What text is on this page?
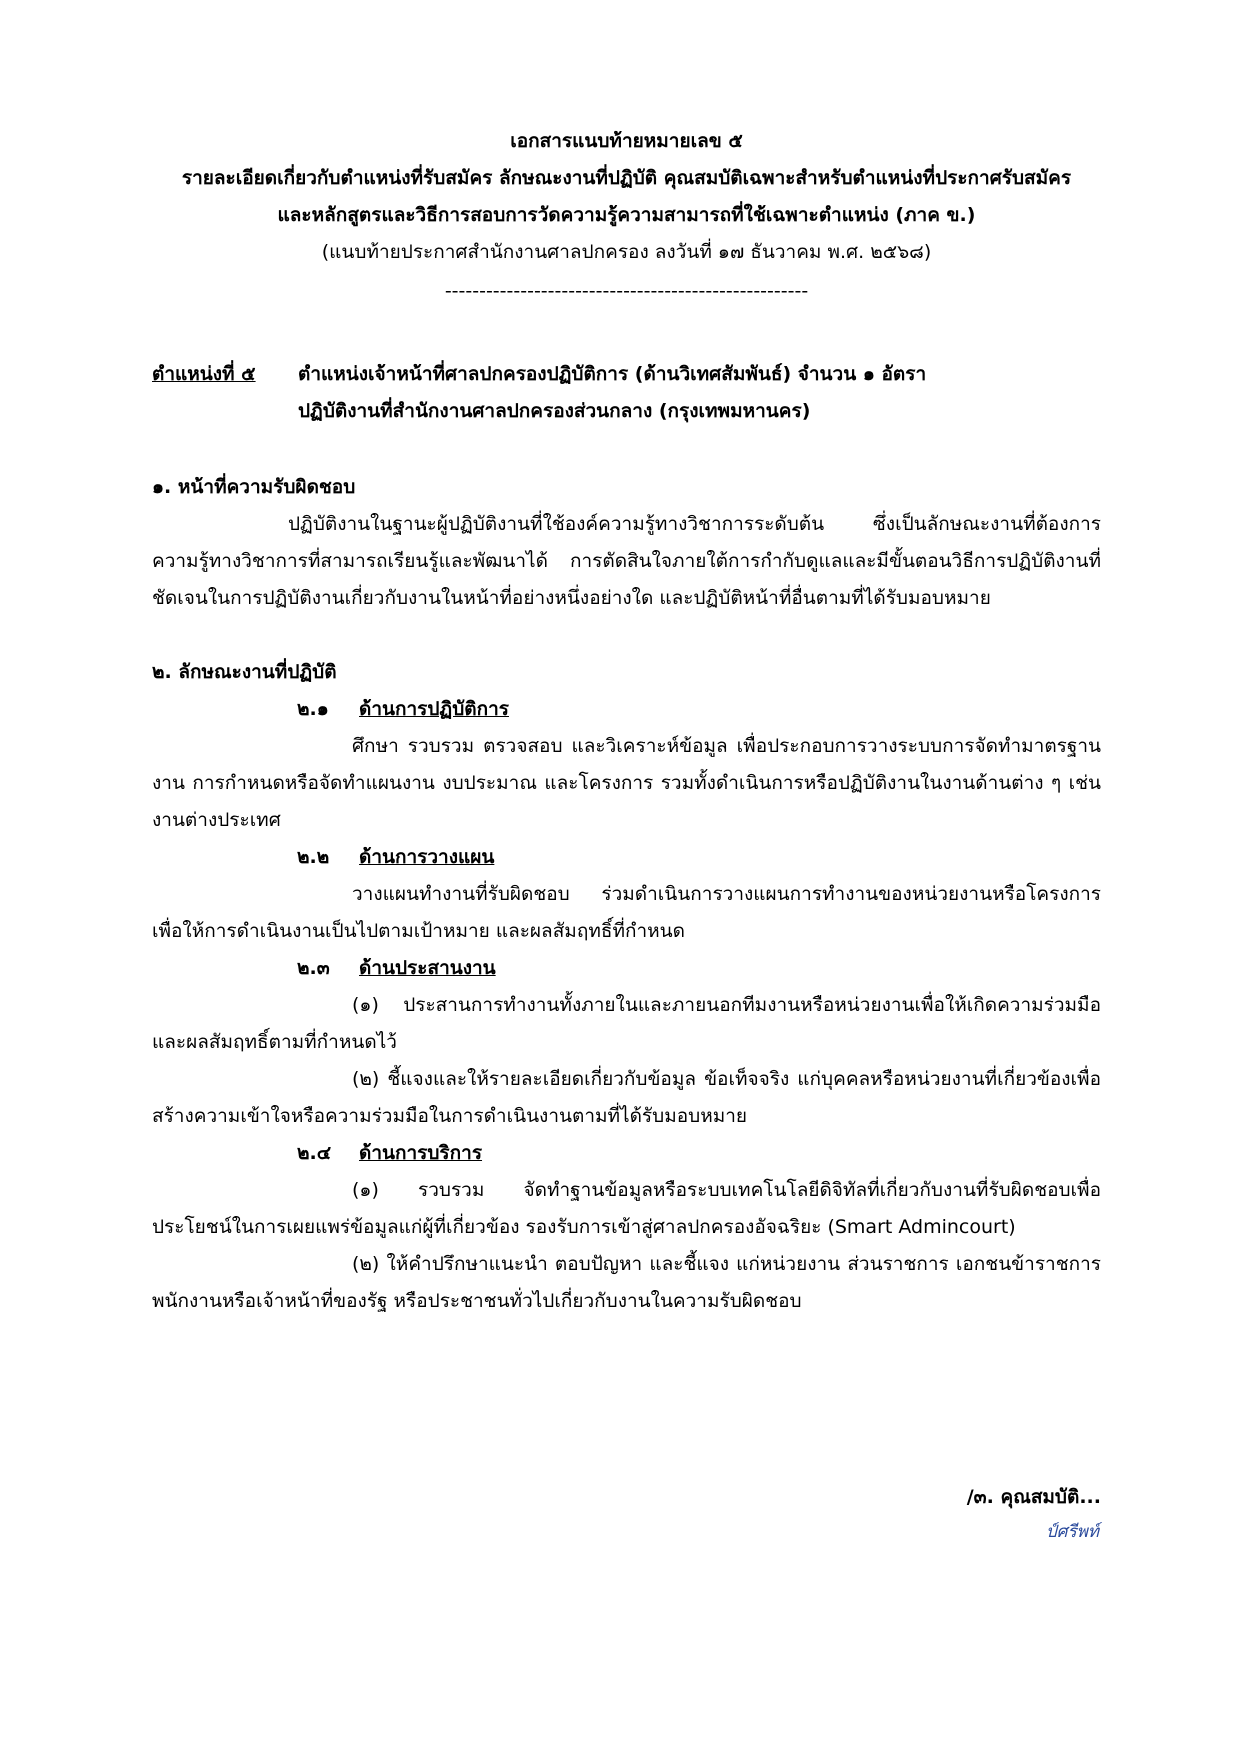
เอกสารแนบท้ายหมายเลข ๕
รายละเอียดเกี่ยวกับตำแหน่งที่รับสมัคร ลักษณะงานที่ปฏิบัติ คุณสมบัติเฉพาะสำหรับตำแหน่งที่ประกาศรับสมัคร
และหลักสูตรและวิธีการสอบการวัดความรู้ความสามารถที่ใช้เฉพาะตำแหน่ง (ภาค ข.)
(แนบท้ายประกาศสำนักงานศาลปกครอง ลงวันที่ ๑๗ ธันวาคม พ.ศ. ๒๕๖๘)
-----------------------------------------------------
ตำแหน่งที่ ๕	ตำแหน่งเจ้าหน้าที่ศาลปกครองปฏิบัติการ (ด้านวิเทศสัมพันธ์) จำนวน ๑ อัตรา
ปฏิบัติงานที่สำนักงานศาลปกครองส่วนกลาง (กรุงเทพมหานคร)
๑. หน้าที่ความรับผิดชอบ
ปฏิบัติงานในฐานะผู้ปฏิบัติงานที่ใช้องค์ความรู้ทางวิชาการระดับต้น ซึ่งเป็นลักษณะงานที่ต้องการความรู้ทางวิชาการที่สามารถเรียนรู้และพัฒนาได้ การตัดสินใจภายใต้การกำกับดูแลและมีขั้นตอนวิธีการปฏิบัติงานที่ชัดเจนในการปฏิบัติงานเกี่ยวกับงานในหน้าที่อย่างหนึ่งอย่างใด และปฏิบัติหน้าที่อื่นตามที่ได้รับมอบหมาย
๒. ลักษณะงานที่ปฏิบัติ
๒.๑ ด้านการปฏิบัติการ
ศึกษา รวบรวม ตรวจสอบ และวิเคราะห์ข้อมูล เพื่อประกอบการวางระบบการจัดทำมาตรฐานงาน การกำหนดหรือจัดทำแผนงาน งบประมาณ และโครงการ รวมทั้งดำเนินการหรือปฏิบัติงานในงานด้านต่าง ๆ เช่น งานต่างประเทศ
๒.๒ ด้านการวางแผน
วางแผนทำงานที่รับผิดชอบ ร่วมดำเนินการวางแผนการทำงานของหน่วยงานหรือโครงการเพื่อให้การดำเนินงานเป็นไปตามเป้าหมาย และผลสัมฤทธิ์ที่กำหนด
๒.๓ ด้านประสานงาน
(๑) ประสานการทำงานทั้งภายในและภายนอกทีมงานหรือหน่วยงานเพื่อให้เกิดความร่วมมือและผลสัมฤทธิ์ตามที่กำหนดไว้
(๒) ชี้แจงและให้รายละเอียดเกี่ยวกับข้อมูล ข้อเท็จจริง แก่บุคคลหรือหน่วยงานที่เกี่ยวข้องเพื่อสร้างความเข้าใจหรือความร่วมมือในการดำเนินงานตามที่ได้รับมอบหมาย
๒.๔ ด้านการบริการ
(๑) รวบรวม จัดทำฐานข้อมูลหรือระบบเทคโนโลยีดิจิทัลที่เกี่ยวกับงานที่รับผิดชอบเพื่อประโยชน์ในการเผยแพร่ข้อมูลแก่ผู้ที่เกี่ยวข้อง รองรับการเข้าสู่ศาลปกครองอัจฉริยะ (Smart Admincourt)
(๒) ให้คำปรึกษาแนะนำ ตอบปัญหา และชี้แจง แก่หน่วยงาน ส่วนราชการ เอกชนข้าราชการ พนักงานหรือเจ้าหน้าที่ของรัฐ หรือประชาชนทั่วไปเกี่ยวกับงานในความรับผิดชอบ
/๓. คุณสมบัติ...
ป์ศรีพท์
